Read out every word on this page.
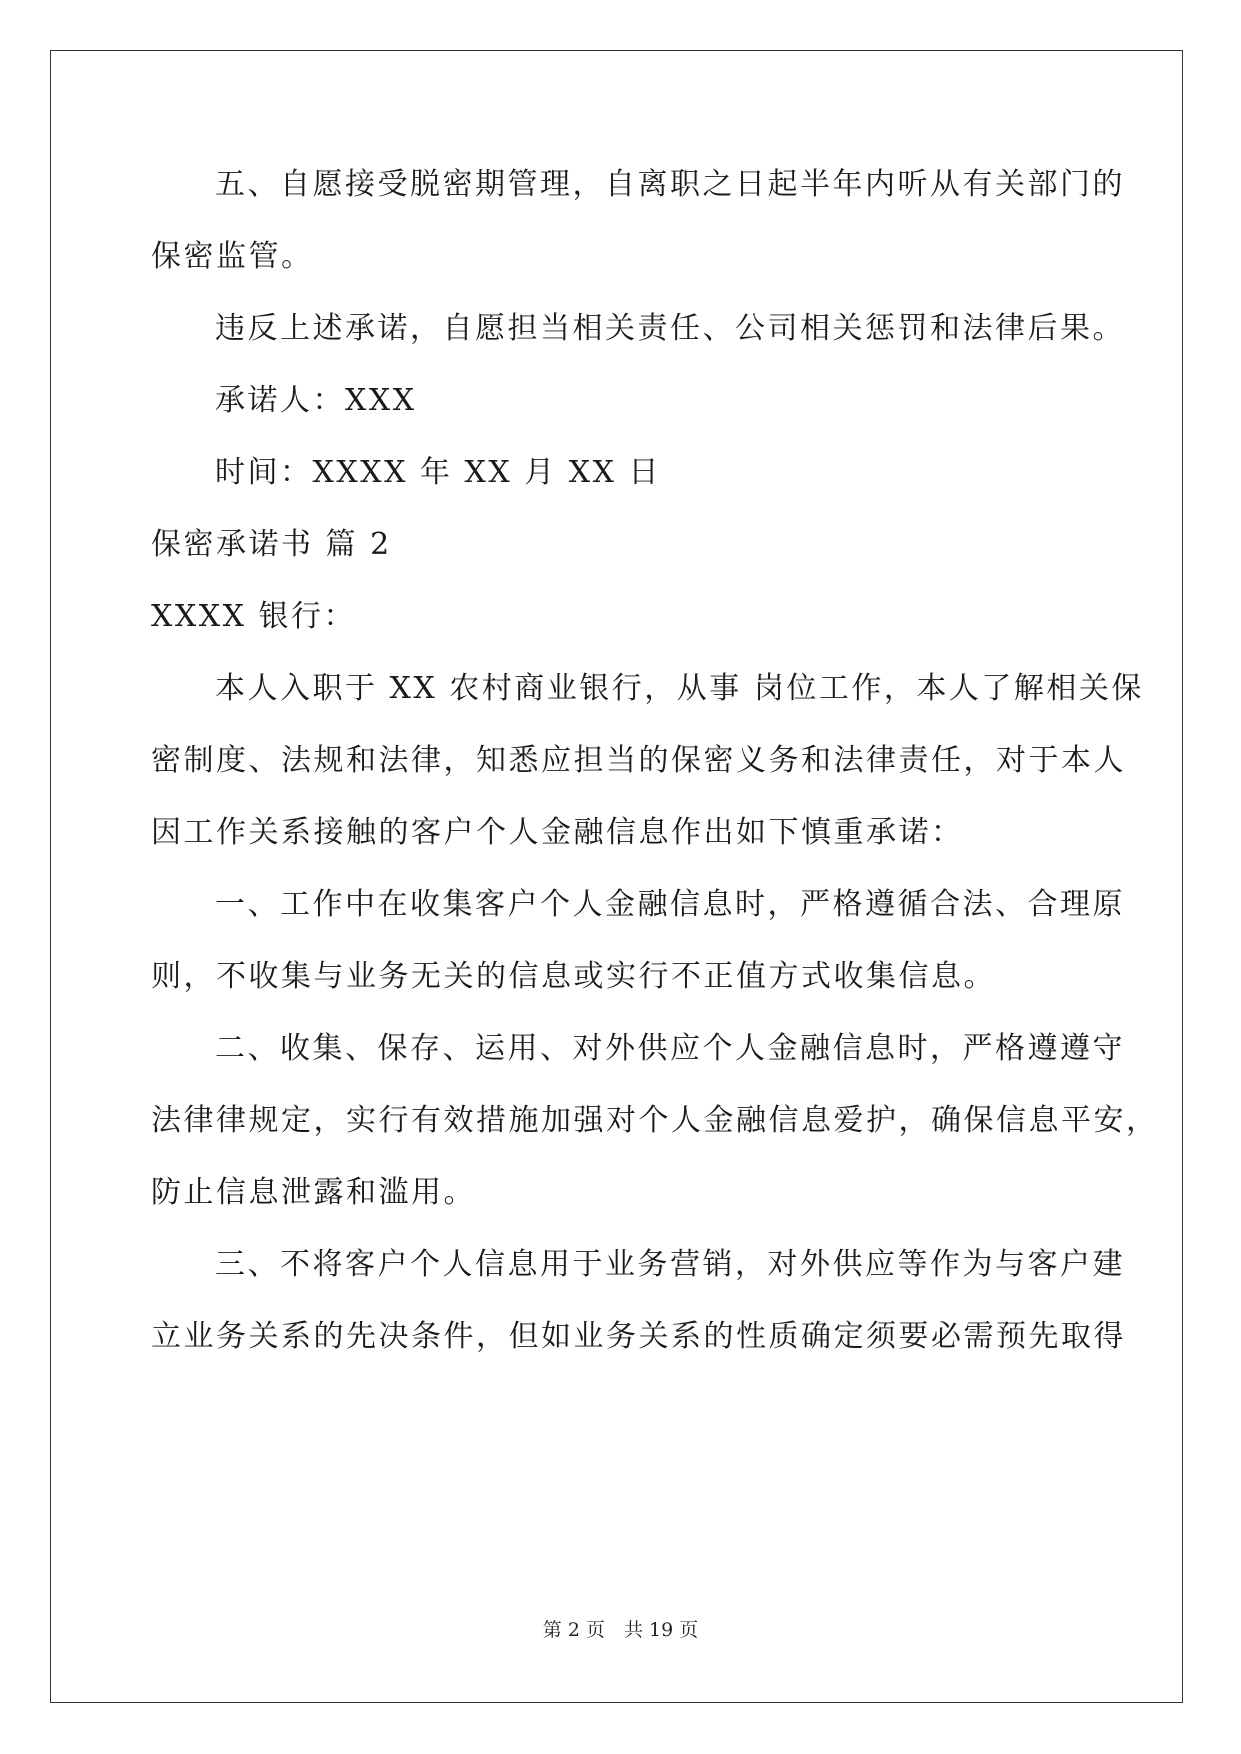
五、自愿接受脱密期管理，自离职之日起半年内听从有关部门的
保密监管。
违反上述承诺，自愿担当相关责任、公司相关惩罚和法律后果。
承诺人：XXX
时间：XXXX 年 XX 月 XX 日
保密承诺书 篇 2
XXXX 银行：
本人入职于 XX 农村商业银行，从事 岗位工作，本人了解相关保
密制度、法规和法律，知悉应担当的保密义务和法律责任，对于本人
因工作关系接触的客户个人金融信息作出如下慎重承诺：
一、工作中在收集客户个人金融信息时，严格遵循合法、合理原
则，不收集与业务无关的信息或实行不正值方式收集信息。
二、收集、保存、运用、对外供应个人金融信息时，严格遵遵守
法律律规定，实行有效措施加强对个人金融信息爱护，确保信息平安，
防止信息泄露和滥用。
三、不将客户个人信息用于业务营销，对外供应等作为与客户建
立业务关系的先决条件，但如业务关系的性质确定须要必需预先取得
第 2 页　共 19 页
